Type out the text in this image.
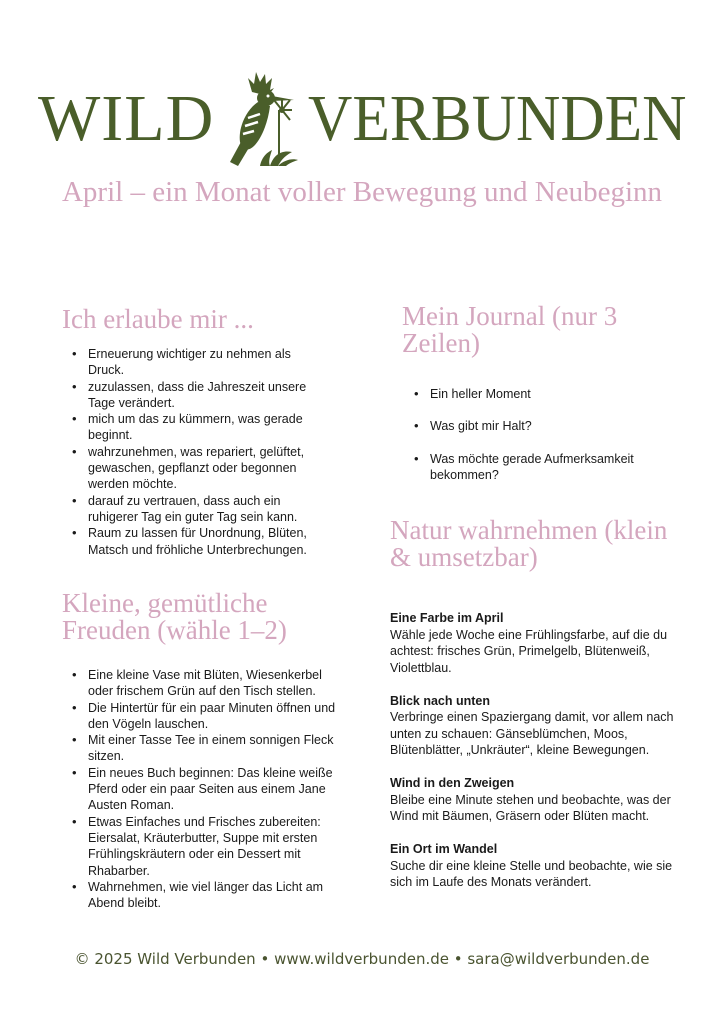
WILD VERBUNDEN
April – ein Monat voller Bewegung und Neubeginn
Ich erlaube mir ...
• Erneuerung wichtiger zu nehmen als Druck.
• zuzulassen, dass die Jahreszeit unsere Tage verändert.
• mich um das zu kümmern, was gerade beginnt.
• wahrzunehmen, was repariert, gelüftet, gewaschen, gepflanzt oder begonnen werden möchte.
• darauf zu vertrauen, dass auch ein ruhigerer Tag ein guter Tag sein kann.
• Raum zu lassen für Unordnung, Blüten, Matsch und fröhliche Unterbrechungen.
Kleine, gemütliche Freuden (wähle 1–2)
• Eine kleine Vase mit Blüten, Wiesenkerbel oder frischem Grün auf den Tisch stellen.
• Die Hintertür für ein paar Minuten öffnen und den Vögeln lauschen.
• Mit einer Tasse Tee in einem sonnigen Fleck sitzen.
• Ein neues Buch beginnen: Das kleine weiße Pferd oder ein paar Seiten aus einem Jane Austen Roman.
• Etwas Einfaches und Frisches zubereiten: Eiersalat, Kräuterbutter, Suppe mit ersten Frühlingskräutern oder ein Dessert mit Rhabarber.
• Wahrnehmen, wie viel länger das Licht am Abend bleibt.
Mein Journal (nur 3 Zeilen)
• Ein heller Moment
• Was gibt mir Halt?
• Was möchte gerade Aufmerksamkeit bekommen?
Natur wahrnehmen (klein & umsetzbar)
Eine Farbe im April
Wähle jede Woche eine Frühlingsfarbe, auf die du achtest: frisches Grün, Primelgelb, Blütenweiß, Violettblau.
Blick nach unten
Verbringe einen Spaziergang damit, vor allem nach unten zu schauen: Gänseblümchen, Moos, Blütenblätter, „Unkräuter“, kleine Bewegungen.
Wind in den Zweigen
Bleibe eine Minute stehen und beobachte, was der Wind mit Bäumen, Gräsern oder Blüten macht.
Ein Ort im Wandel
Suche dir eine kleine Stelle und beobachte, wie sie sich im Laufe des Monats verändert.
© 2025 Wild Verbunden • www.wildverbunden.de • sara@wildverbunden.de
